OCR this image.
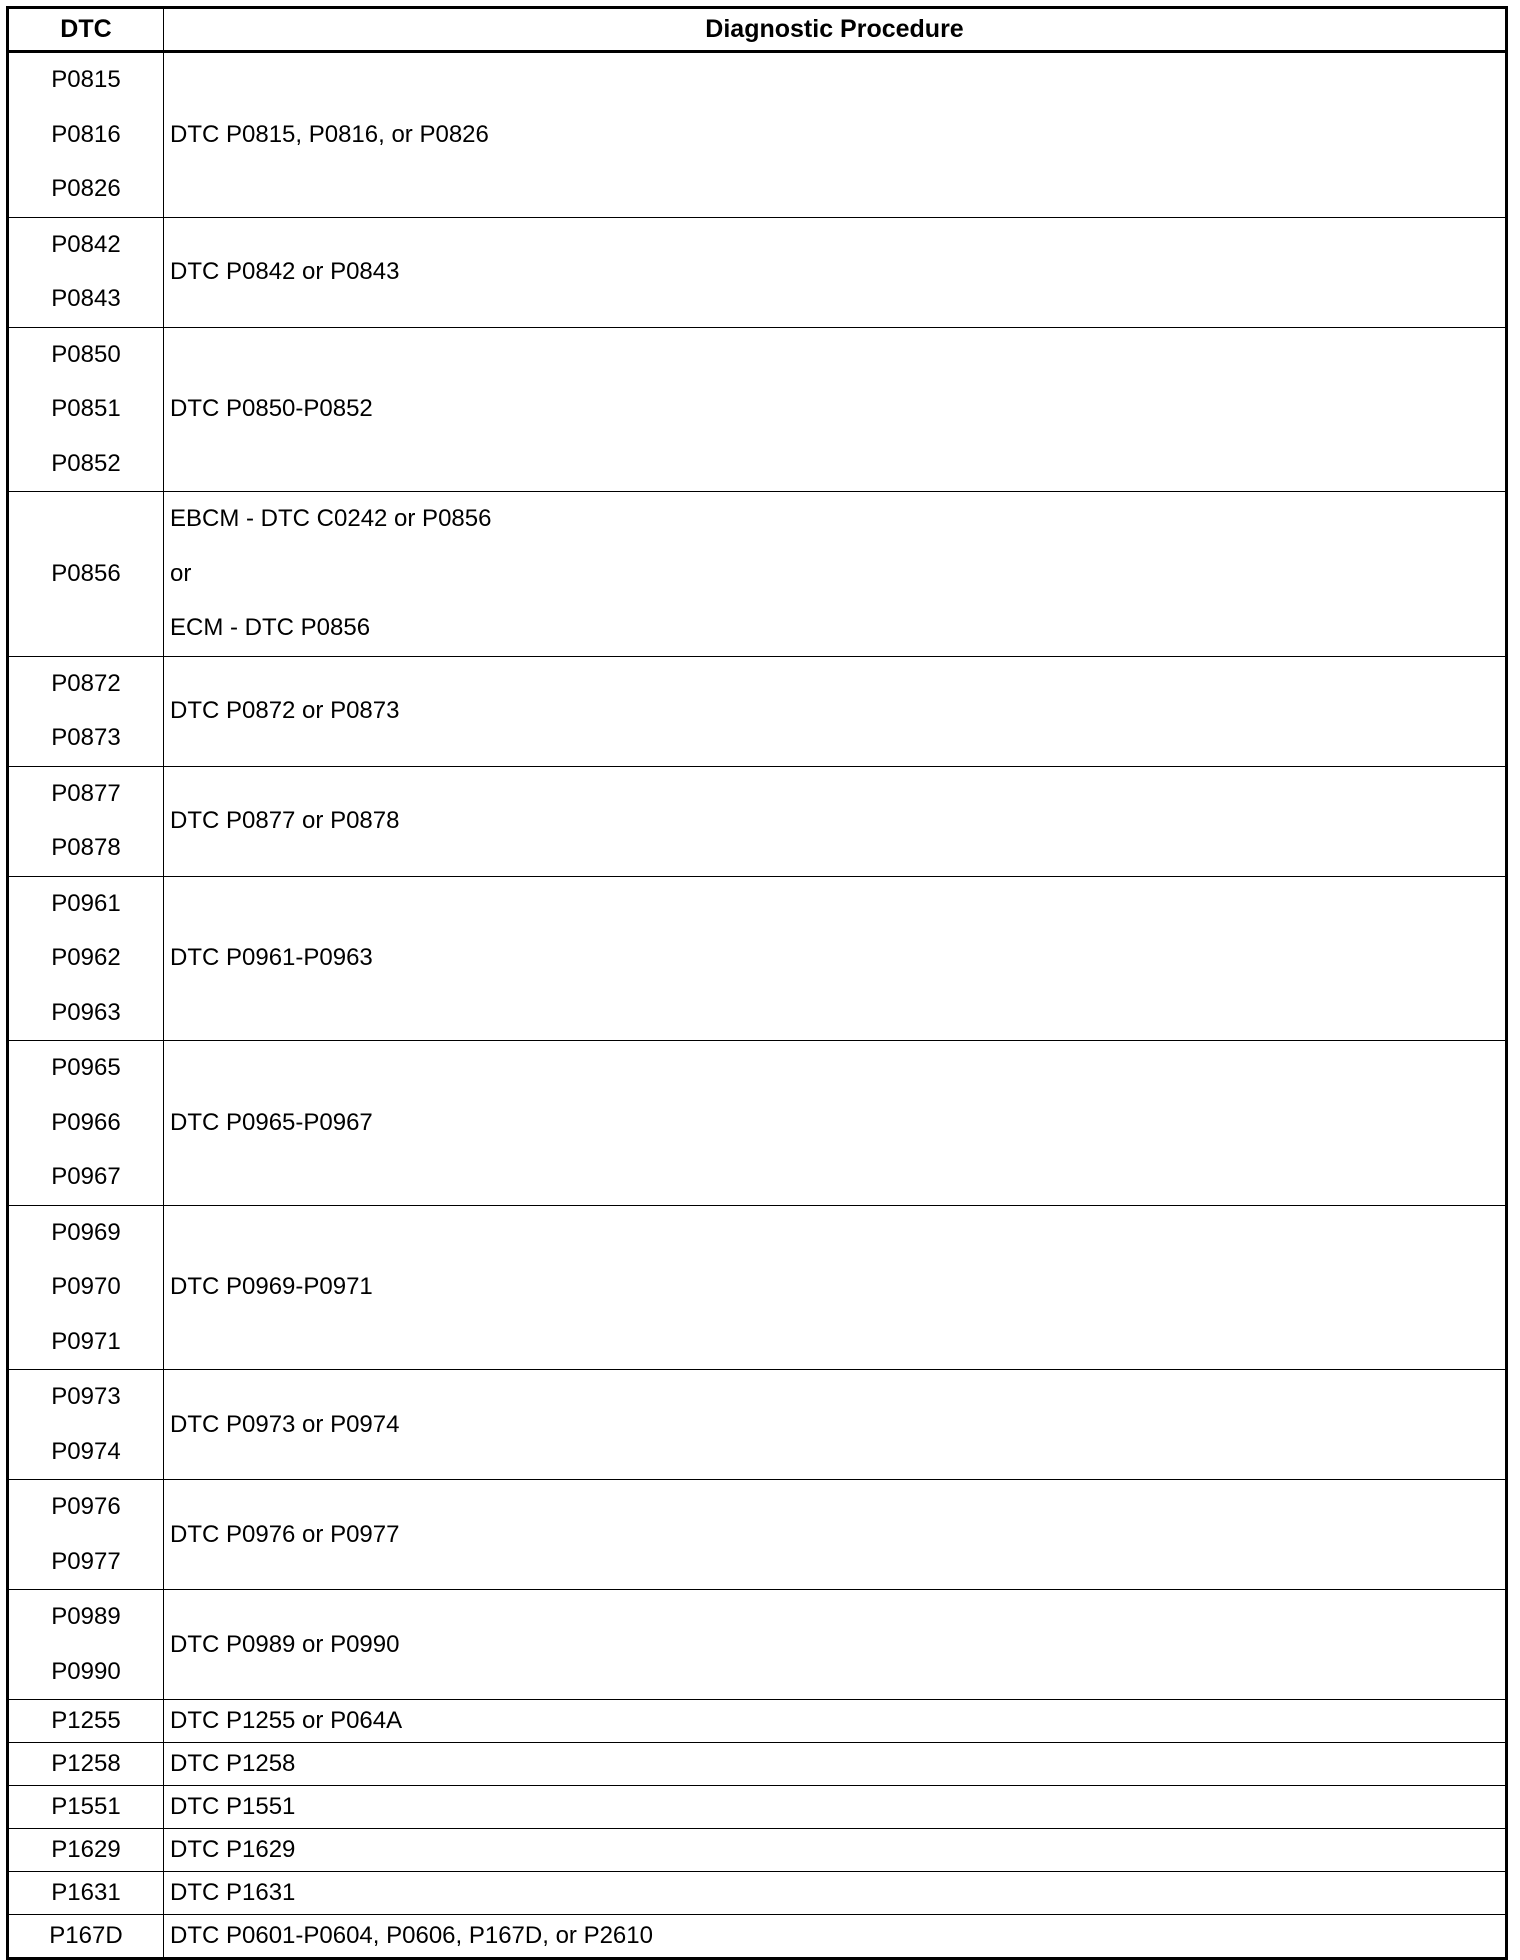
DTC	Diagnostic Procedure

P0815
P0816
P0826	DTC P0815, P0816, or P0826

P0842
P0843	DTC P0842 or P0843

P0850
P0851
P0852	DTC P0850-P0852

P0856	EBCM - DTC C0242 or P0856
or
ECM - DTC P0856

P0872
P0873	DTC P0872 or P0873

P0877
P0878	DTC P0877 or P0878

P0961
P0962
P0963	DTC P0961-P0963

P0965
P0966
P0967	DTC P0965-P0967

P0969
P0970
P0971	DTC P0969-P0971

P0973
P0974	DTC P0973 or P0974

P0976
P0977	DTC P0976 or P0977

P0989
P0990	DTC P0989 or P0990

P1255	DTC P1255 or P064A

P1258	DTC P1258

P1551	DTC P1551

P1629	DTC P1629

P1631	DTC P1631

P167D	DTC P0601-P0604, P0606, P167D, or P2610
